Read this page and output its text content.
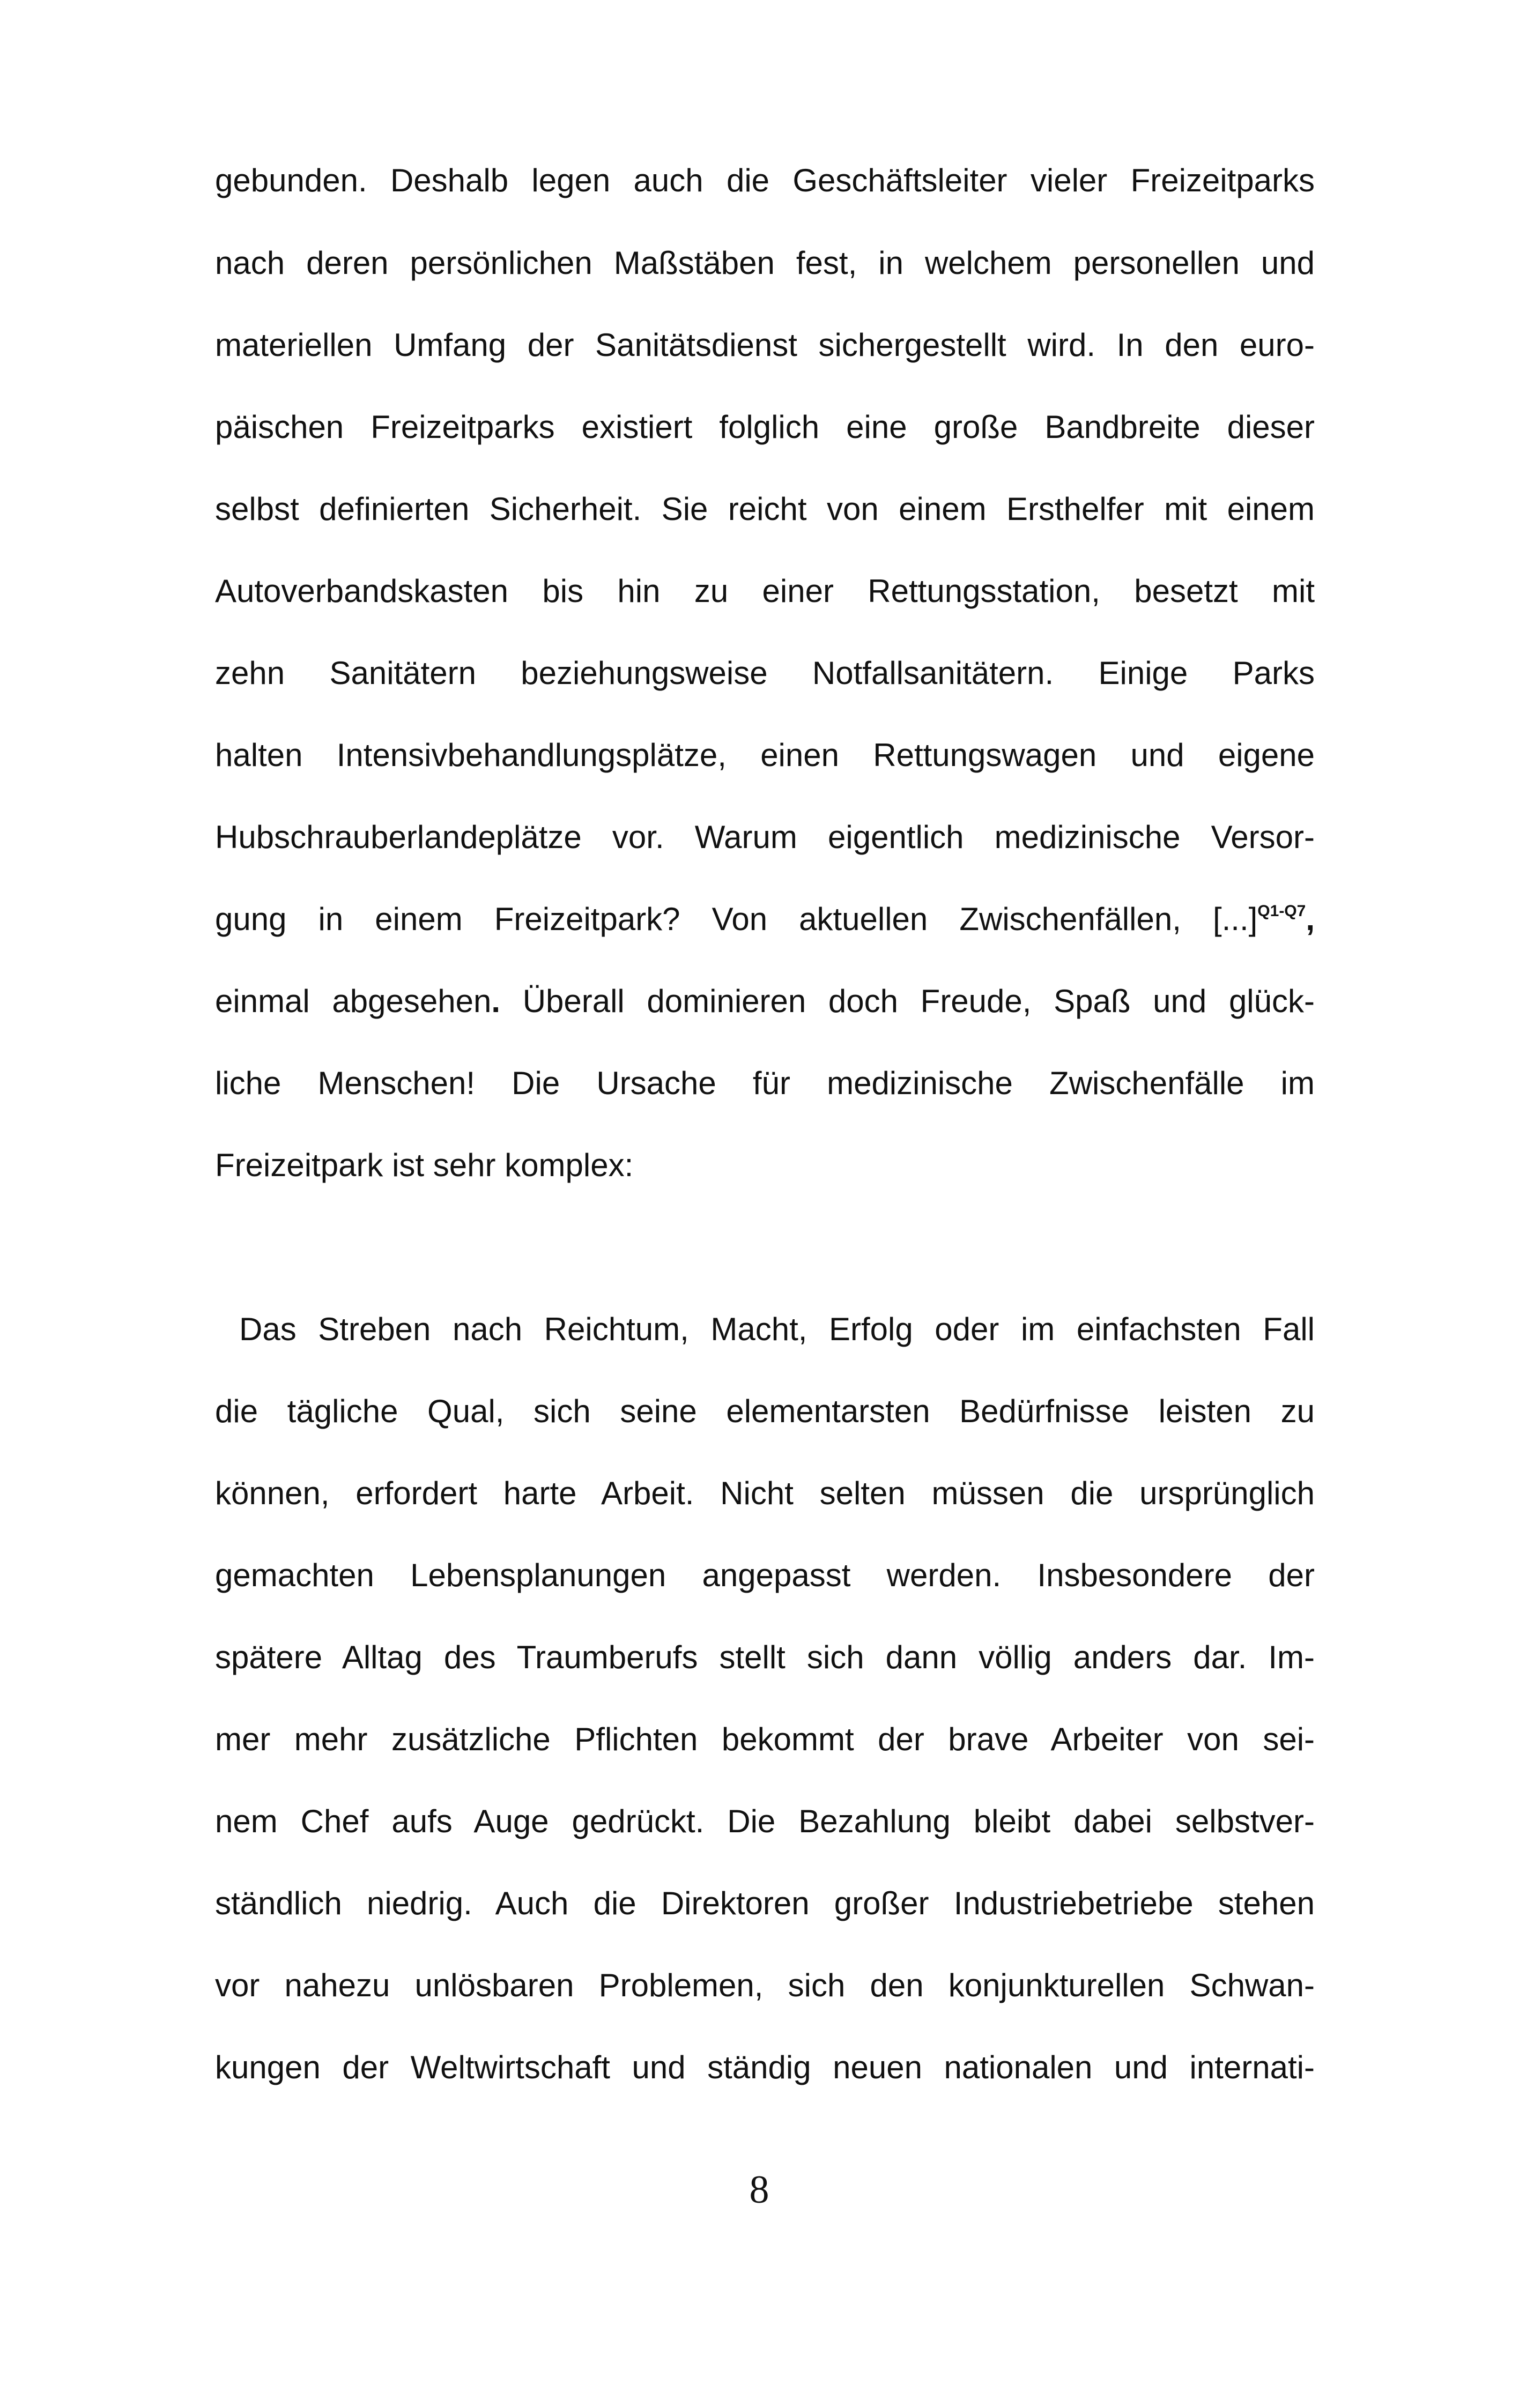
gebunden. Deshalb legen auch die Geschäftsleiter vieler Freizeitparks
nach deren persönlichen Maßstäben fest, in welchem personellen und
materiellen Umfang der Sanitätsdienst sichergestellt wird. In den euro-
päischen Freizeitparks existiert folglich eine große Bandbreite dieser
selbst definierten Sicherheit. Sie reicht von einem Ersthelfer mit einem
Autoverbandskasten bis hin zu einer Rettungsstation, besetzt mit
zehn Sanitätern beziehungsweise Notfallsanitätern. Einige Parks
halten Intensivbehandlungsplätze, einen Rettungswagen und eigene
Hubschrauberlandeplätze vor. Warum eigentlich medizinische Versor-
gung in einem Freizeitpark? Von aktuellen Zwischenfällen, [...]$^{Q1-Q7}$,
einmal abgesehen. Überall dominieren doch Freude, Spaß und glück-
liche Menschen! Die Ursache für medizinische Zwischenfälle im
Freizeitpark ist sehr komplex:
Das Streben nach Reichtum, Macht, Erfolg oder im einfachsten Fall
die tägliche Qual, sich seine elementarsten Bedürfnisse leisten zu
können, erfordert harte Arbeit. Nicht selten müssen die ursprünglich
gemachten Lebensplanungen angepasst werden. Insbesondere der
spätere Alltag des Traumberufs stellt sich dann völlig anders dar. Im-
mer mehr zusätzliche Pflichten bekommt der brave Arbeiter von sei-
nem Chef aufs Auge gedrückt. Die Bezahlung bleibt dabei selbstver-
ständlich niedrig. Auch die Direktoren großer Industriebetriebe stehen
vor nahezu unlösbaren Problemen, sich den konjunkturellen Schwan-
kungen der Weltwirtschaft und ständig neuen nationalen und internati-
8
